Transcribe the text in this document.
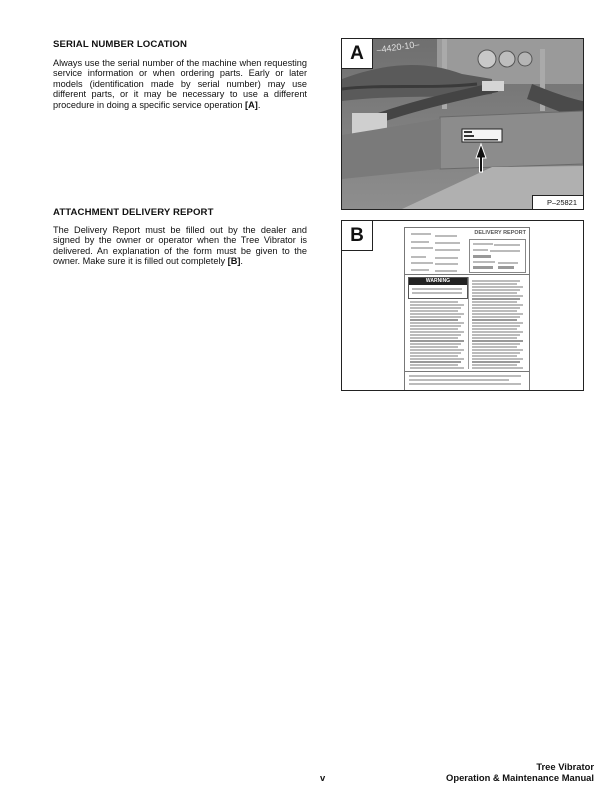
SERIAL NUMBER LOCATION
Always use the serial number of the machine when requesting service information or when ordering parts. Early or later models (identification made by serial number) may use different parts, or it may be necessary to use a different procedure in doing a specific service operation [A].
ATTACHMENT DELIVERY REPORT
The Delivery Report must be filled out by the dealer and signed by the owner or operator when the Tree Vibrator is delivered. An explanation of the form must be given to the owner. Make sure it is filled out completely [B].
A	–4420-10–
P–25821
B	DELIVERY REPORT
WARNING
v
Tree Vibrator
Operation & Maintenance Manual
